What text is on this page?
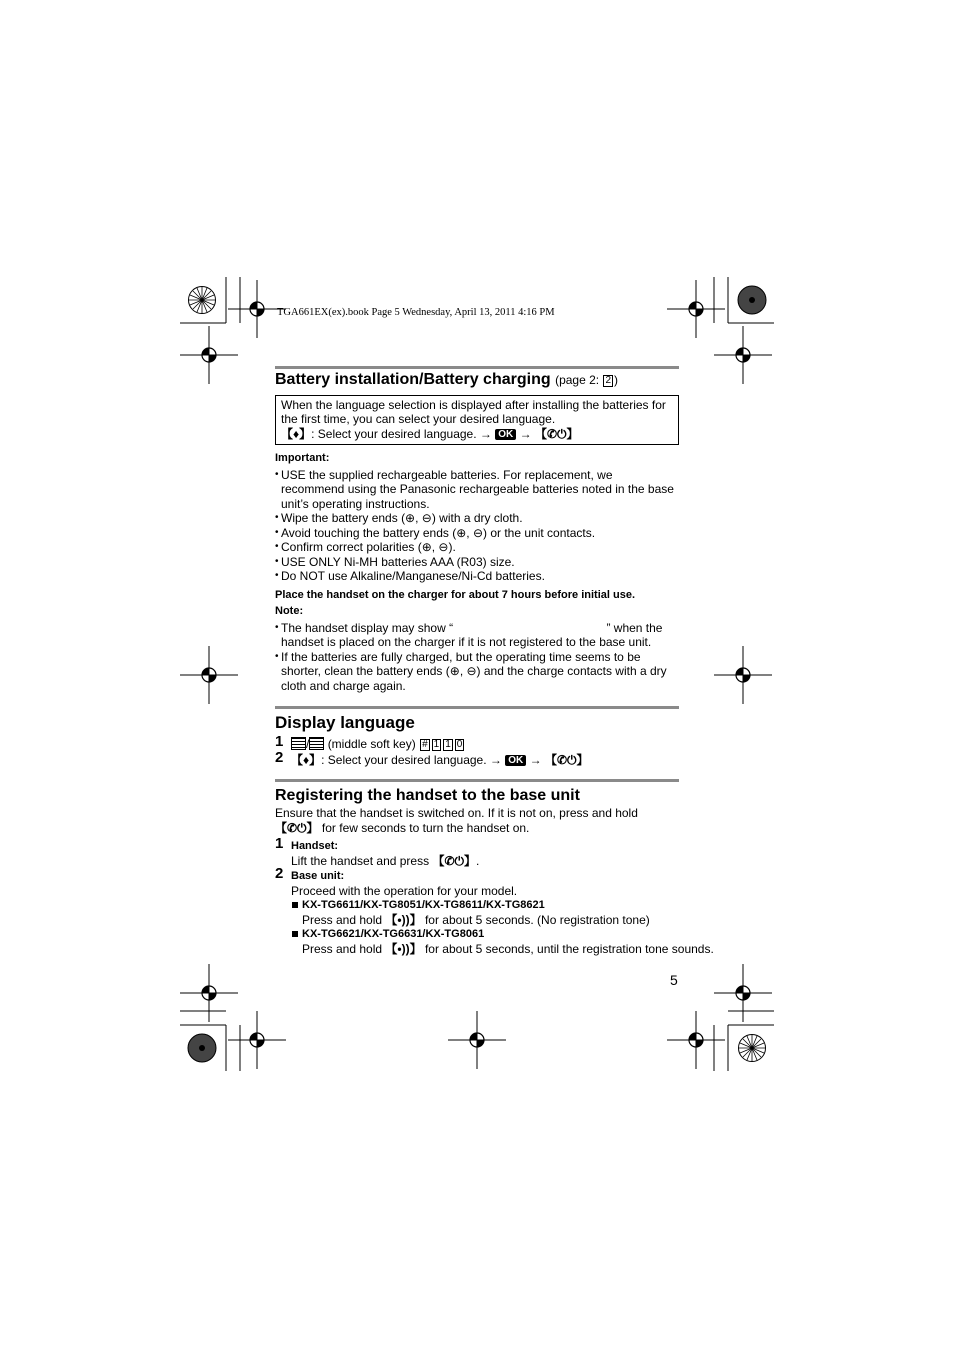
TGA661EX(ex).book Page 5 Wednesday, April 13, 2011 4:16 PM
Battery installation/Battery charging (page 2: 2 )
When the language selection is displayed after installing the batteries for the first time, you can select your desired language.
【♦】: Select your desired language. → OK → 【✆⏻】
Important:
• USE the supplied rechargeable batteries. For replacement, we recommend using the Panasonic rechargeable batteries noted in the base unit’s operating instructions.
• Wipe the battery ends (⊕, ⊖) with a dry cloth.
• Avoid touching the battery ends (⊕, ⊖) or the unit contacts.
• Confirm correct polarities (⊕, ⊖).
• USE ONLY Ni-MH batteries AAA (R03) size.
• Do NOT use Alkaline/Manganese/Ni-Cd batteries.
Place the handset on the charger for about 7 hours before initial use.
Note:
• The handset display may show “                                              ” when the handset is placed on the charger if it is not registered to the base unit.
• If the batteries are fully charged, but the operating time seems to be shorter, clean the battery ends (⊕, ⊖) and the charge contacts with a dry cloth and charge again.
Display language
1 / (middle soft key) # 1 1 0
2 【♦】: Select your desired language. → OK → 【✆⏻】
Registering the handset to the base unit
Ensure that the handset is switched on. If it is not on, press and hold 【✆⏻】 for few seconds to turn the handset on.
1 Handset:
Lift the handset and press 【✆⏻】.
2 Base unit:
Proceed with the operation for your model.
KX-TG6611/KX-TG8051/KX-TG8611/KX-TG8621
Press and hold 【•))】 for about 5 seconds. (No registration tone)
KX-TG6621/KX-TG6631/KX-TG8061
Press and hold 【•))】 for about 5 seconds, until the registration tone sounds.
5
